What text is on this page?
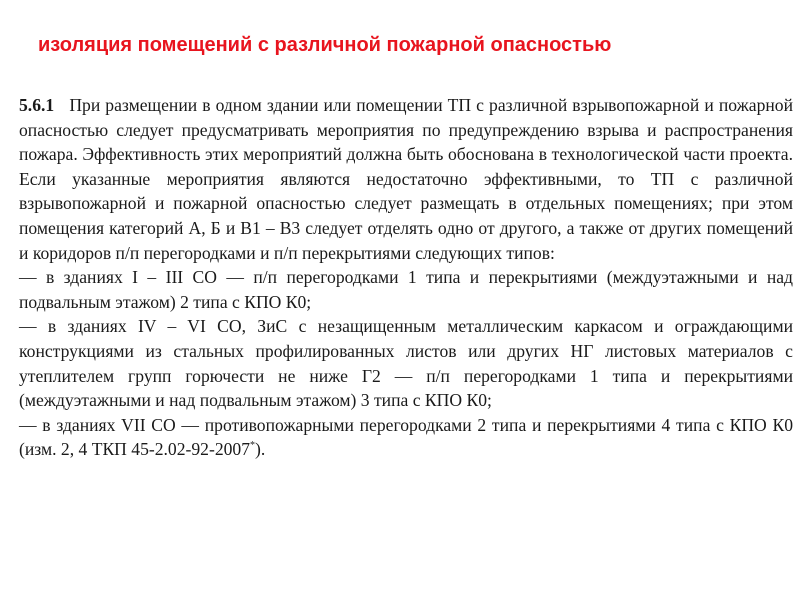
изоляция помещений с различной пожарной опасностью

5.6.1 При размещении в одном здании или помещении ТП с различной взрывопожарной и пожарной опасностью следует предусматривать мероприятия по предупреждению взрыва и распространения пожара. Эффективность этих мероприятий должна быть обоснована в технологической части проекта. Если указанные мероприятия являются недостаточно эффективными, то ТП с различной взрывопожарной и пожарной опасностью следует размещать в отдельных помещениях; при этом помещения категорий А, Б и В1 – В3 следует отделять одно от другого, а также от других помещений и коридоров п/п перегородками и п/п перекрытиями следующих типов:

— в зданиях I – III СО — п/п перегородками 1 типа и перекрытиями (междуэтажными и над подвальным этажом) 2 типа с КПО К0;

— в зданиях IV – VI СО, ЗиС с незащищенным металлическим каркасом и ограждающими конструкциями из стальных профилированных листов или других НГ листовых материалов с утеплителем групп горючести не ниже Г2 — п/п перегородками 1 типа и перекрытиями (междуэтажными и над подвальным этажом) 3 типа с КПО К0;

— в зданиях VII СО — противопожарными перегородками 2 типа и перекрытиями 4 типа с КПО К0 (изм. 2, 4 ТКП 45-2.02-92-2007*).
